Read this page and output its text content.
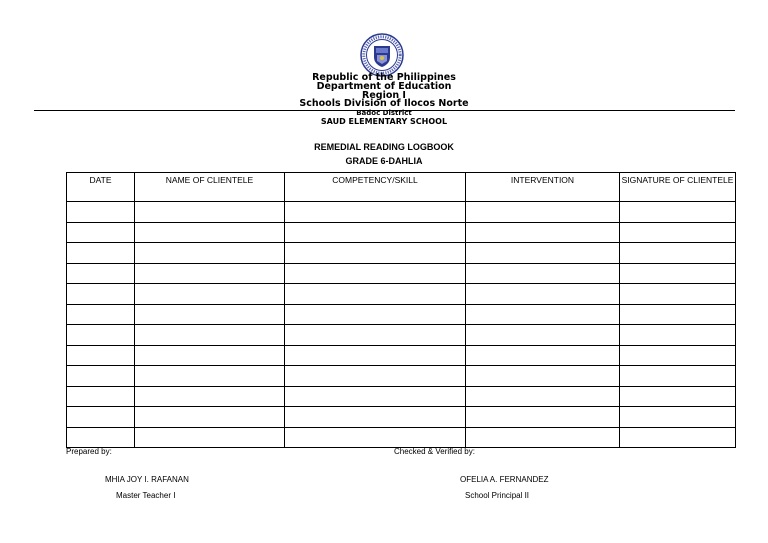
Republic of the Philippines
Department of Education
Region I
Schools Division of Ilocos Norte
Badoc District
SAUD ELEMENTARY SCHOOL
REMEDIAL READING LOGBOOK
GRADE 6-DAHLIA
DATE	NAME OF CLIENTELE	COMPETENCY/SKILL	INTERVENTION	SIGNATURE OF CLIENTELE

Prepared by:	Checked & Verified by:
MHIA JOY I. RAFANAN
Master Teacher I
OFELIA A. FERNANDEZ
School Principal II
